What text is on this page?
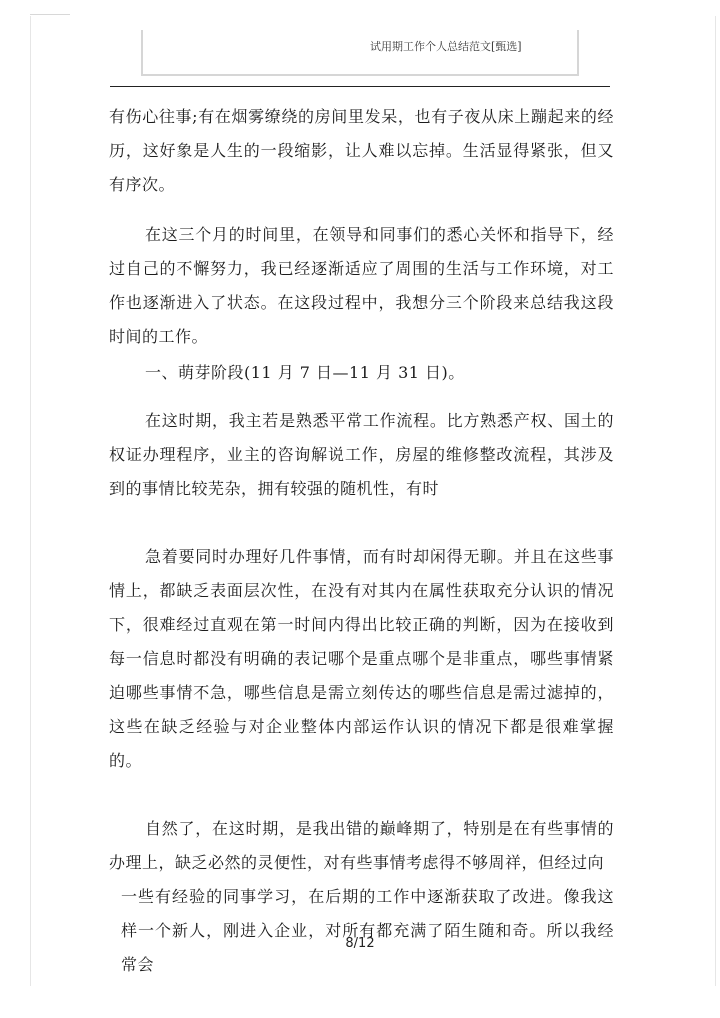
试用期工作个人总结范文[甄选]

有伤心往事;有在烟雾缭绕的房间里发呆，也有子夜从床上蹦起来的经历，这好象是人生的一段缩影，让人难以忘掉。生活显得紧张，但又有序次。

在这三个月的时间里，在领导和同事们的悉心关怀和指导下，经过自己的不懈努力，我已经逐渐适应了周围的生活与工作环境，对工作也逐渐进入了状态。在这段过程中，我想分三个阶段来总结我这段时间的工作。

一、萌芽阶段(11 月 7 日—11 月 31 日)。

在这时期，我主若是熟悉平常工作流程。比方熟悉产权、国土的权证办理程序，业主的咨询解说工作，房屋的维修整改流程，其涉及到的事情比较芜杂，拥有较强的随机性，有时

急着要同时办理好几件事情，而有时却闲得无聊。并且在这些事情上，都缺乏表面层次性，在没有对其内在属性获取充分认识的情况下，很难经过直观在第一时间内得出比较正确的判断，因为在接收到每一信息时都没有明确的表记哪个是重点哪个是非重点，哪些事情紧迫哪些事情不急，哪些信息是需立刻传达的哪些信息是需过滤掉的，这些在缺乏经验与对企业整体内部运作认识的情况下都是很难掌握的。

自然了，在这时期，是我出错的巅峰期了，特别是在有些事情的办理上，缺乏必然的灵便性，对有些事情考虑得不够周祥，但经过向

一些有经验的同事学习，在后期的工作中逐渐获取了改进。像我这样一个新人，刚进入企业，对所有都充满了陌生随和奇。所以我经常会

8/12
